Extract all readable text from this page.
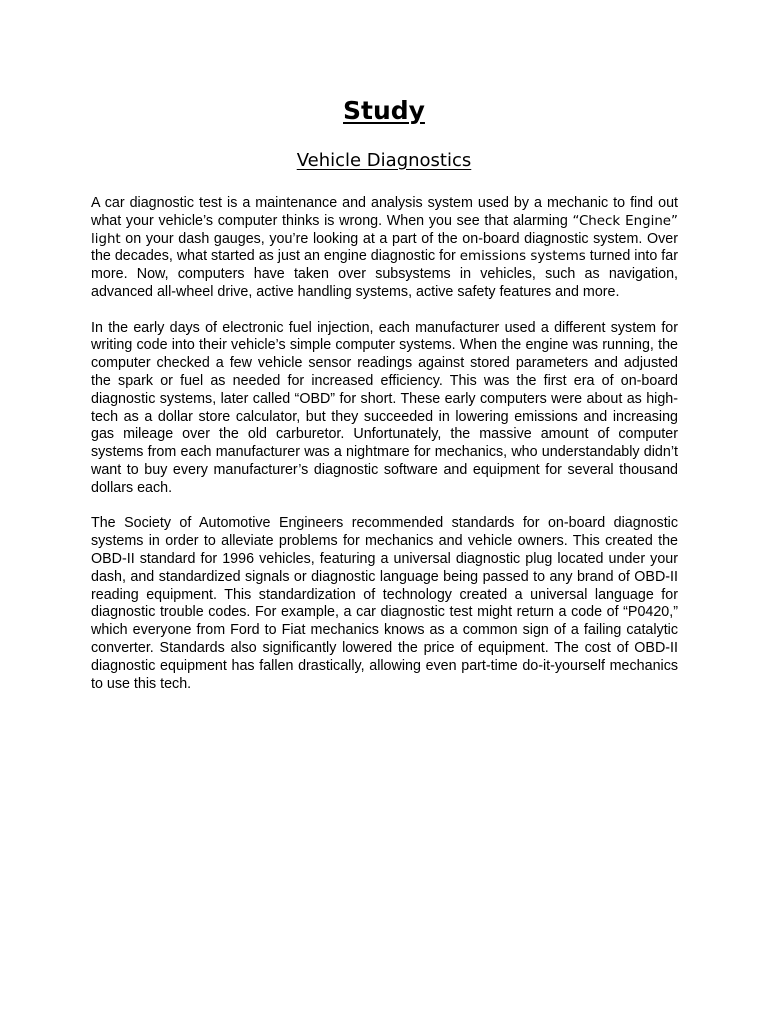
Study
Vehicle Diagnostics

A car diagnostic test is a maintenance and analysis system used by a mechanic to find out what your vehicle’s computer thinks is wrong. When you see that alarming “Check Engine” light on your dash gauges, you’re looking at a part of the on-board diagnostic system. Over the decades, what started as just an engine diagnostic for emissions systems turned into far more. Now, computers have taken over subsystems in vehicles, such as navigation, advanced all-wheel drive, active handling systems, active safety features and more.

In the early days of electronic fuel injection, each manufacturer used a different system for writing code into their vehicle’s simple computer systems. When the engine was running, the computer checked a few vehicle sensor readings against stored parameters and adjusted the spark or fuel as needed for increased efficiency. This was the first era of on-board diagnostic systems, later called “OBD” for short. These early computers were about as high-tech as a dollar store calculator, but they succeeded in lowering emissions and increasing gas mileage over the old carburetor. Unfortunately, the massive amount of computer systems from each manufacturer was a nightmare for mechanics, who understandably didn’t want to buy every manufacturer’s diagnostic software and equipment for several thousand dollars each.

The Society of Automotive Engineers recommended standards for on-board diagnostic systems in order to alleviate problems for mechanics and vehicle owners. This created the OBD-II standard for 1996 vehicles, featuring a universal diagnostic plug located under your dash, and standardized signals or diagnostic language being passed to any brand of OBD-II reading equipment. This standardization of technology created a universal language for diagnostic trouble codes. For example, a car diagnostic test might return a code of “P0420,” which everyone from Ford to Fiat mechanics knows as a common sign of a failing catalytic converter. Standards also significantly lowered the price of equipment. The cost of OBD-II diagnostic equipment has fallen drastically, allowing even part-time do-it-yourself mechanics to use this tech.
